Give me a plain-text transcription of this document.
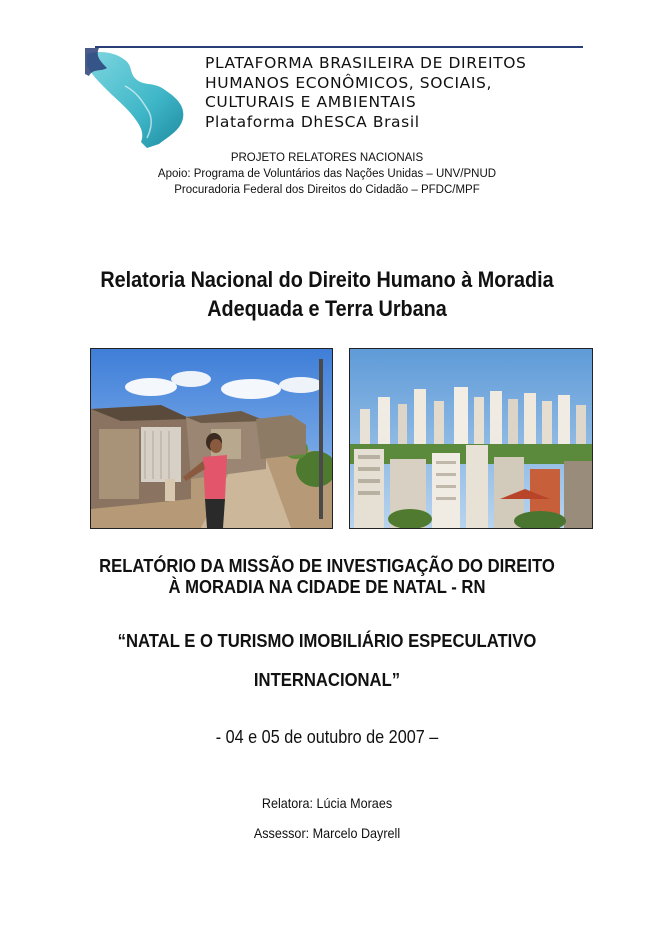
PLATAFORMA BRASILEIRA DE DIREITOS
HUMANOS ECONÔMICOS, SOCIAIS,
CULTURAIS E AMBIENTAIS
Plataforma DhESCA Brasil
PROJETO RELATORES NACIONAIS
Apoio: Programa de Voluntários das Nações Unidas – UNV/PNUD
Procuradoria Federal dos Direitos do Cidadão – PFDC/MPF
Relatoria Nacional do Direito Humano à Moradia
Adequada e Terra Urbana
RELATÓRIO DA MISSÃO DE INVESTIGAÇÃO DO DIREITO
À MORADIA NA CIDADE DE NATAL - RN
“NATAL E O TURISMO IMOBILIÁRIO ESPECULATIVO
INTERNACIONAL”
- 04 e 05 de outubro de 2007 –
Relatora: Lúcia Moraes
Assessor: Marcelo Dayrell
